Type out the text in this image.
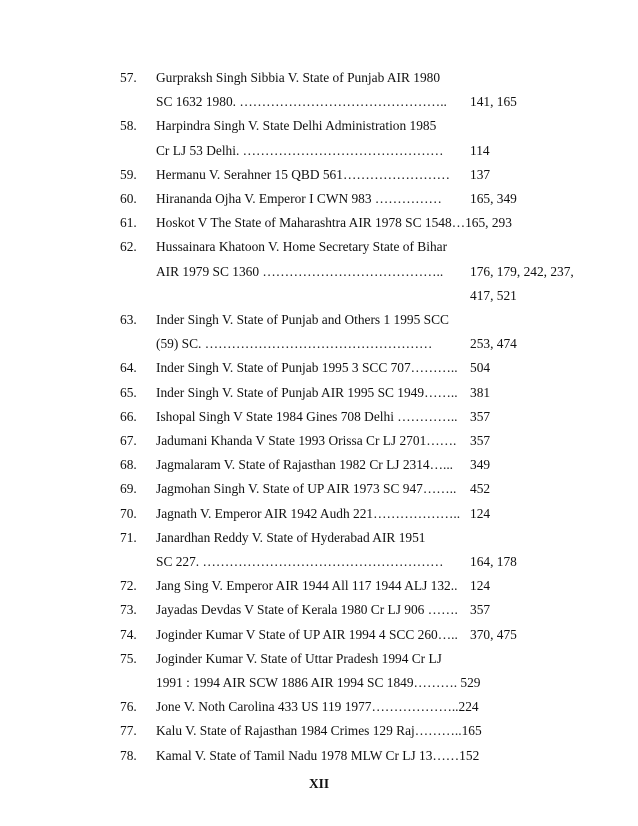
57.	Gurpraksh Singh Sibbia V. State of Punjab AIR 1980
SC 1632 1980. ……………………………………….. 141, 165
58.	Harpindra Singh V. State Delhi Administration 1985
Cr LJ 53 Delhi. ……………………………………… 114
59.	Hermanu V. Serahner 15 QBD 561…………………… 137
60.	Hirananda Ojha V. Emperor I CWN 983 …………… 165, 349
61.	Hoskot V The State of Maharashtra AIR 1978 SC 1548…165, 293
62.	Hussainara Khatoon V. Home Secretary State of Bihar
AIR 1979 SC 1360 ………………………………….. 176, 179, 242, 237,
417, 521
63.	Inder Singh V. State of Punjab and Others 1 1995 SCC
(59) SC. ……………………………………………	253, 474
64.	Inder Singh V. State of Punjab 1995 3 SCC 707……….. 504
65.	Inder Singh V. State of Punjab AIR 1995 SC 1949…….. 381
66.	Ishopal Singh V State 1984 Gines 708 Delhi ………….. 357
67.	Jadumani Khanda V State 1993 Orissa Cr LJ 2701……. 357
68.	Jagmalaram V. State of Rajasthan 1982 Cr LJ 2314…... 349
69.	Jagmohan Singh V. State of UP AIR 1973 SC 947…….. 452
70.	Jagnath V. Emperor AIR 1942 Audh 221……………….. 124
71.	Janardhan Reddy V. State of Hyderabad AIR 1951
SC 227. ……………………………………………… 164, 178
72.	Jang Sing V. Emperor AIR 1944 All 117 1944 ALJ 132.. 124
73.	Jayadas Devdas V State of Kerala 1980 Cr LJ 906 ……. 357
74.	Joginder Kumar V State of UP AIR 1994 4 SCC 260….. 370, 475
75.	Joginder Kumar V. State of Uttar Pradesh 1994 Cr LJ
1991 : 1994 AIR SCW 1886 AIR 1994 SC 1849………. 529
76.	Jone V. Noth Carolina 433 US 119 1977………………..224
77.	Kalu V. State of Rajasthan 1984 Crimes 129 Raj………..165
78.	Kamal V. State of Tamil Nadu 1978 MLW Cr LJ 13……152
XII
